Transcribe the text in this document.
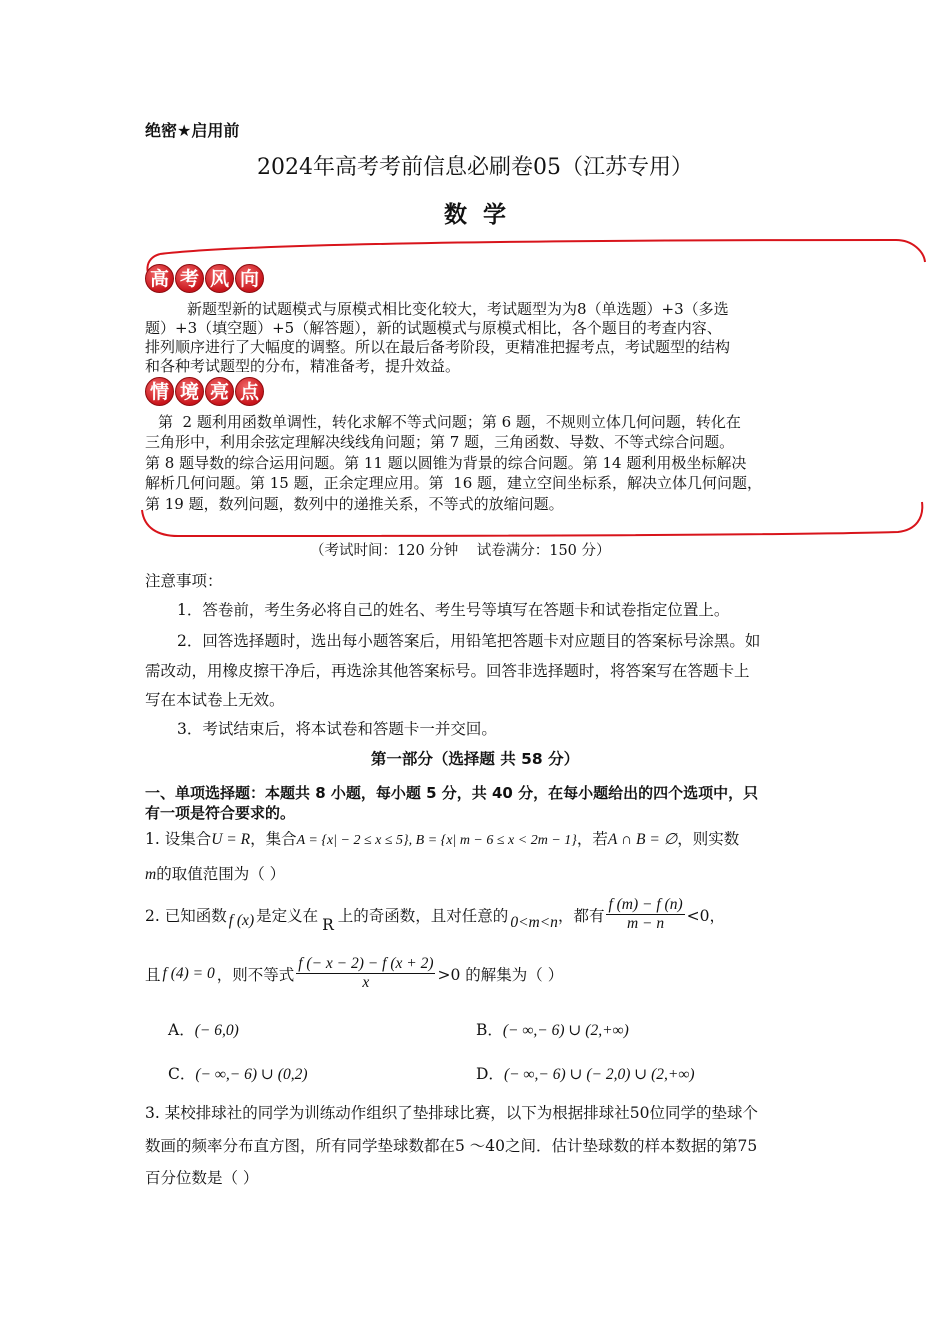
绝密★启用前
2024年高考考前信息必刷卷05（江苏专用）
数  学
高 考 风 向
新题型新的试题模式与原模式相比变化较大，考试题型为为8（单选题）+3（多选
题）+3（填空题）+5（解答题），新的试题模式与原模式相比，各个题目的考查内容、
排列顺序进行了大幅度的调整。所以在最后备考阶段，更精准把握考点，考试题型的结构
和各种考试题型的分布，精准备考，提升效益。
情 境 亮 点
第  2 题利用函数单调性，转化求解不等式问题；第 6 题，不规则立体几何问题，转化在
三角形中，利用余弦定理解决线线角问题；第 7 题，三角函数、导数、不等式综合问题。
第 8 题导数的综合运用问题。第 11 题以圆锥为背景的综合问题。第 14 题利用极坐标解决
解析几何问题。第 15 题，正余定理应用。第  16 题，建立空间坐标系，解决立体几何问题，
第 19 题，数列问题，数列中的递推关系，不等式的放缩问题。
（考试时间：120 分钟    试卷满分：150 分）
注意事项：
1．答卷前，考生务必将自己的姓名、考生号等填写在答题卡和试卷指定位置上。
2．回答选择题时，选出每小题答案后，用铅笔把答题卡对应题目的答案标号涂黑。如
需改动，用橡皮擦干净后，再选涂其他答案标号。回答非选择题时，将答案写在答题卡上
写在本试卷上无效。
3．考试结束后，将本试卷和答题卡一并交回。
第一部分（选择题 共 58 分）
一、单项选择题：本题共 8 小题，每小题 5 分，共 40 分，在每小题给出的四个选项中，只
有一项是符合要求的。
1. 设集合U = R，集合A = {x| − 2 ≤ x ≤ 5}, B = {x| m − 6 ≤ x < 2m − 1}，若A ∩ B = ∅，则实数
m的取值范围为（ ）
2. 已知函数 f (x) 是定义在 R 上的奇函数，且对任意的 0<m<n ，都有 $\frac{f (m) - f (n)}{m - n} <0$，
且 f (4) = 0 ，则不等式 $\frac{f (- x - 2) - f (x + 2)}{x} >0$ 的解集为（ ）
A．(− 6,0)	B．(− ∞,− 6) ∪ (2,+∞)
C．(− ∞,− 6) ∪ (0,2)	D．(− ∞,− 6) ∪ (− 2,0) ∪ (2,+∞)
3. 某校排球社的同学为训练动作组织了垫排球比赛，以下为根据排球社50位同学的垫球个
数画的频率分布直方图，所有同学垫球数都在5 ～40之间．估计垫球数的样本数据的第75
百分位数是（ ）
